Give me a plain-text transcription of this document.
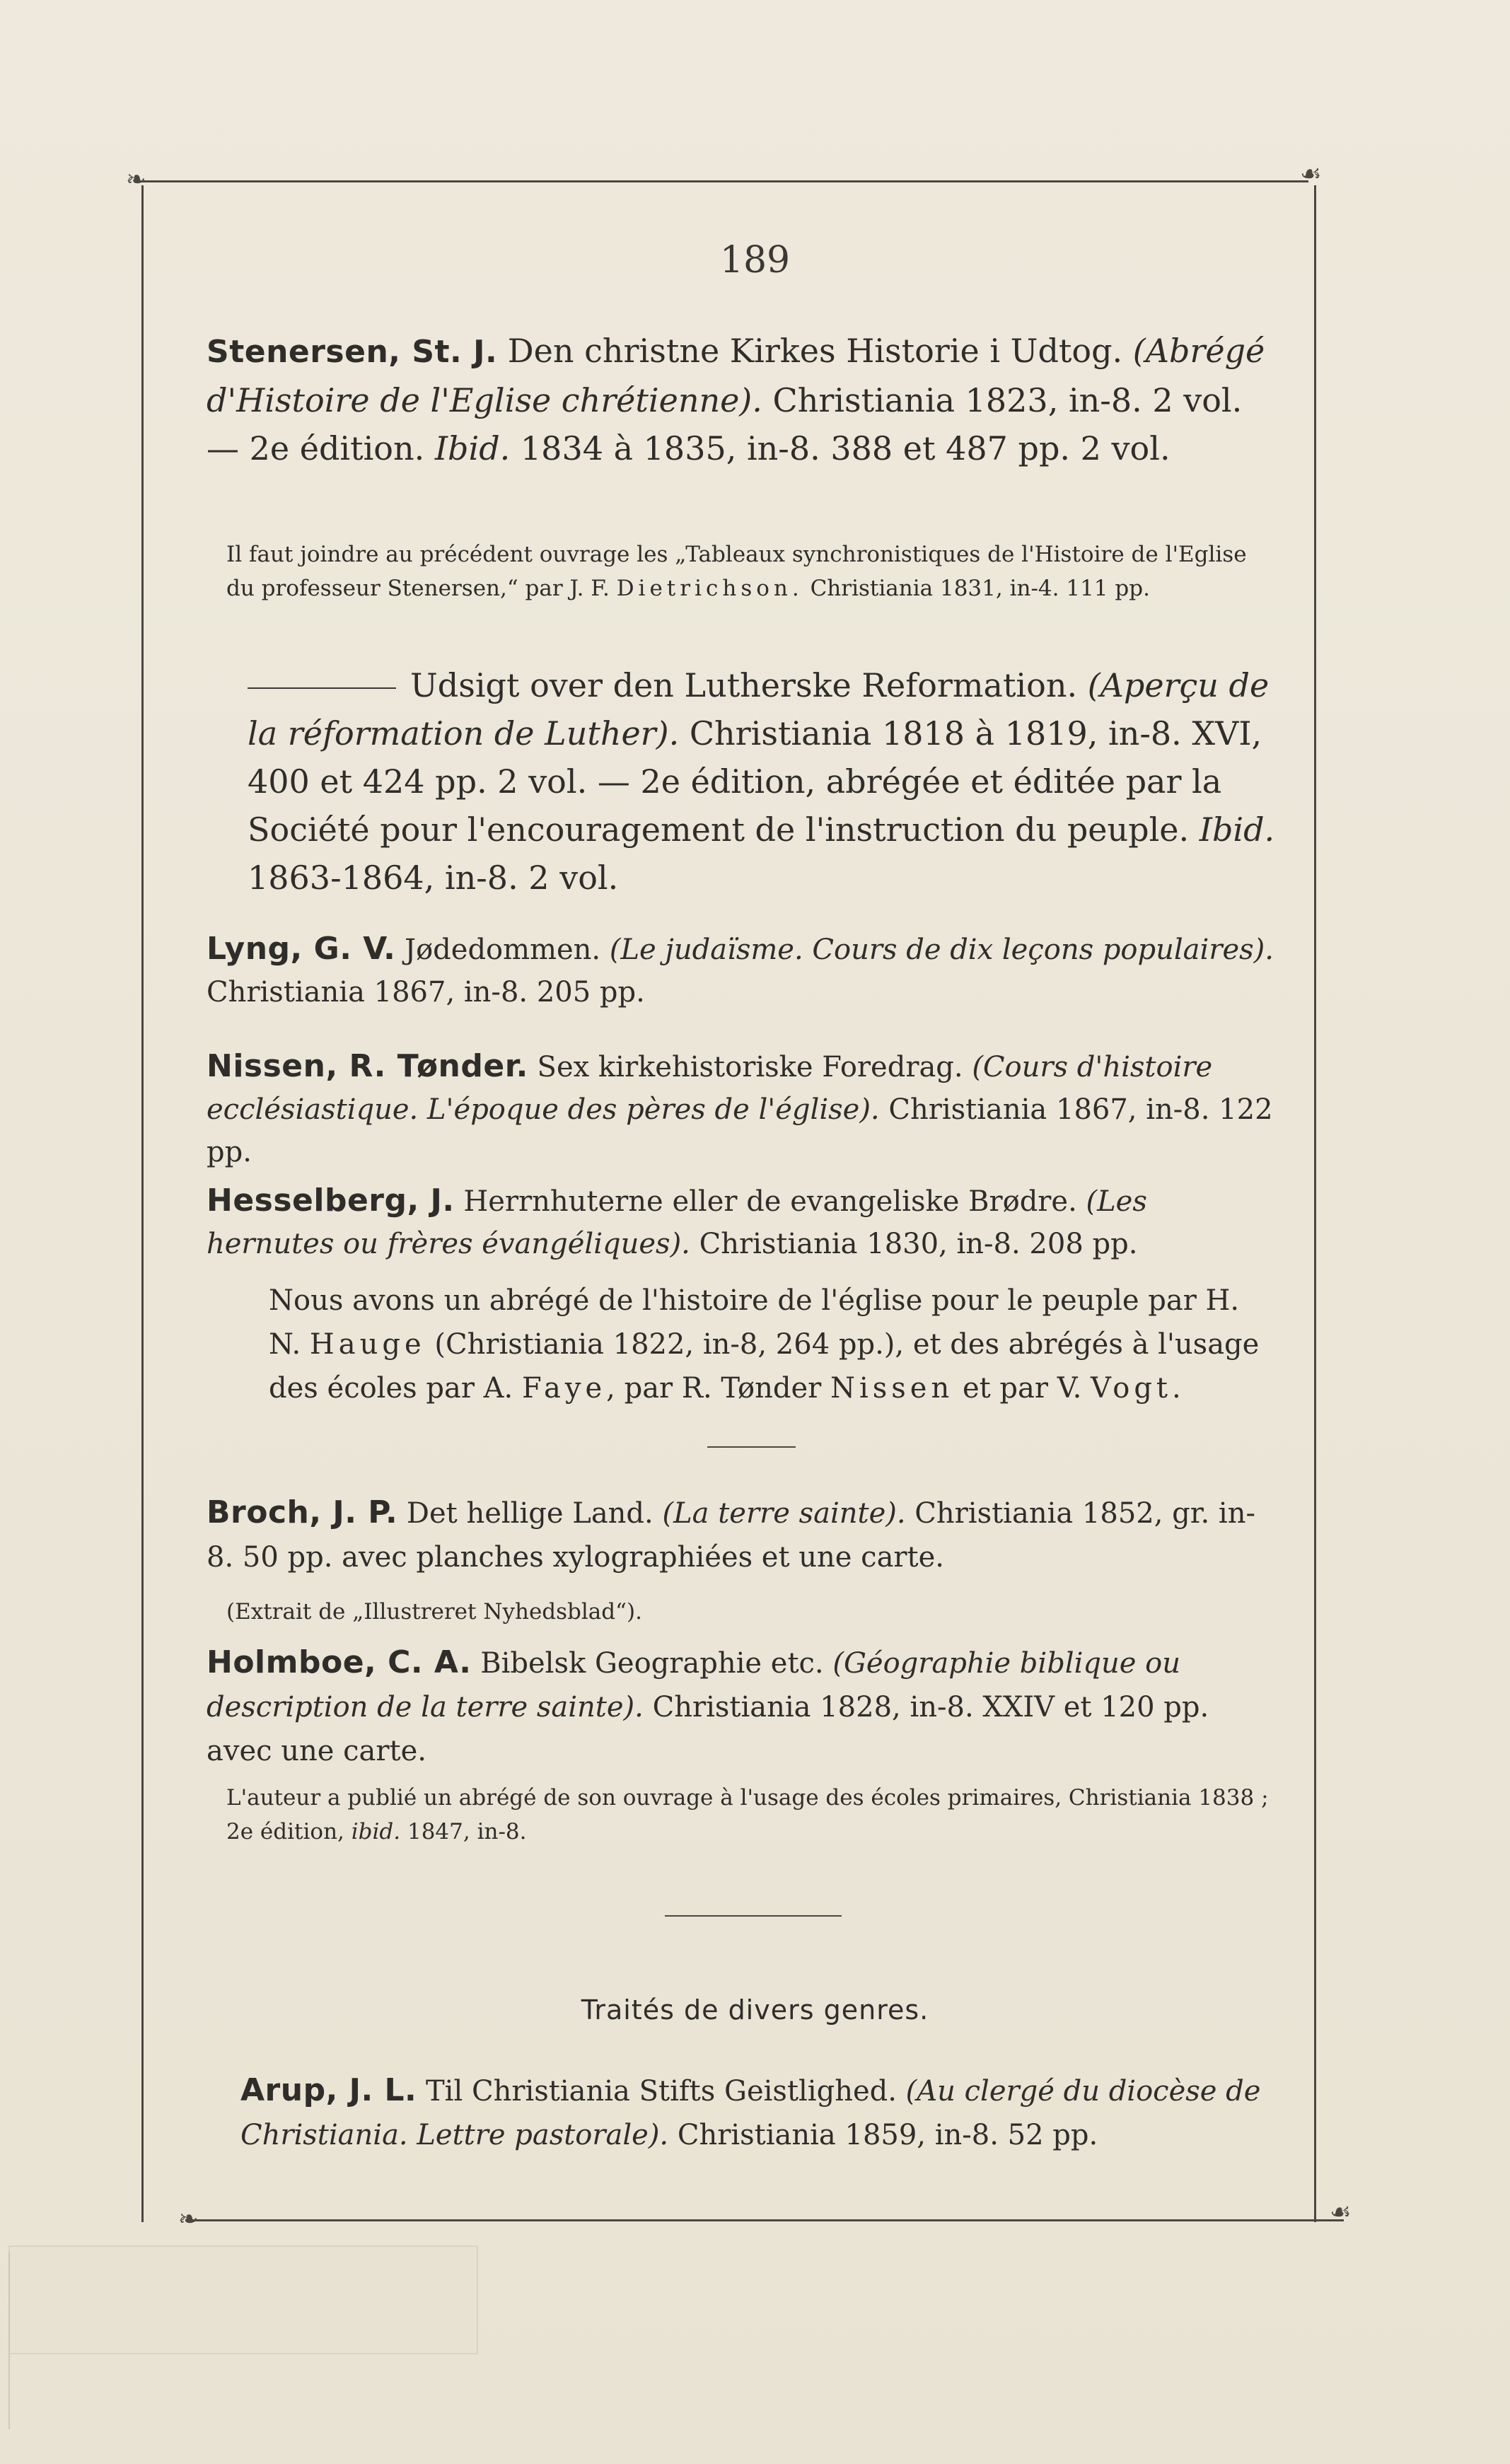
❧	☙
❧	☙
189

Stenersen, St. J. Den christne Kirkes Historie i Udtog. (Abrégé d'Histoire de l'Eglise chrétienne). Christiania 1823, in-8. 2 vol. — 2e édition. Ibid. 1834 à 1835, in-8. 388 et 487 pp. 2 vol.

Il faut joindre au précédent ouvrage les „Tableaux synchronistiques de l'Histoire de l'Eglise du professeur Stenersen,“ par J. F. Dietrichson. Christiania 1831, in-4. 111 pp.

Udsigt over den Lutherske Reformation. (Aperçu de la réformation de Luther). Christiania 1818 à 1819, in-8. XVI, 400 et 424 pp. 2 vol. — 2e édition, abrégée et éditée par la Société pour l'encouragement de l'instruction du peuple. Ibid. 1863-1864, in-8. 2 vol.

Lyng, G. V. Jødedommen. (Le judaïsme. Cours de dix leçons populaires). Christiania 1867, in-8. 205 pp.

Nissen, R. Tønder. Sex kirkehistoriske Foredrag. (Cours d'histoire ecclésiastique. L'époque des pères de l'église). Christiania 1867, in-8. 122 pp.

Hesselberg, J. Herrnhuterne eller de evangeliske Brødre. (Les hernutes ou frères évangéliques). Christiania 1830, in-8. 208 pp.

Nous avons un abrégé de l'histoire de l'église pour le peuple par H. N. Hauge (Christiania 1822, in-8, 264 pp.), et des abrégés à l'usage des écoles par A. Faye, par R. Tønder Nissen et par V. Vogt.

Broch, J. P. Det hellige Land. (La terre sainte). Christiania 1852, gr. in-8. 50 pp. avec planches xylographiées et une carte.

(Extrait de „Illustreret Nyhedsblad“).

Holmboe, C. A. Bibelsk Geographie etc. (Géographie biblique ou description de la terre sainte). Christiania 1828, in-8. XXIV et 120 pp. avec une carte.

L'auteur a publié un abrégé de son ouvrage à l'usage des écoles primaires, Christiania 1838 ; 2e édition, ibid. 1847, in-8.
Traités de divers genres.

Arup, J. L. Til Christiania Stifts Geistlighed. (Au clergé du diocèse de Christiania. Lettre pastorale). Christiania 1859, in-8. 52 pp.
